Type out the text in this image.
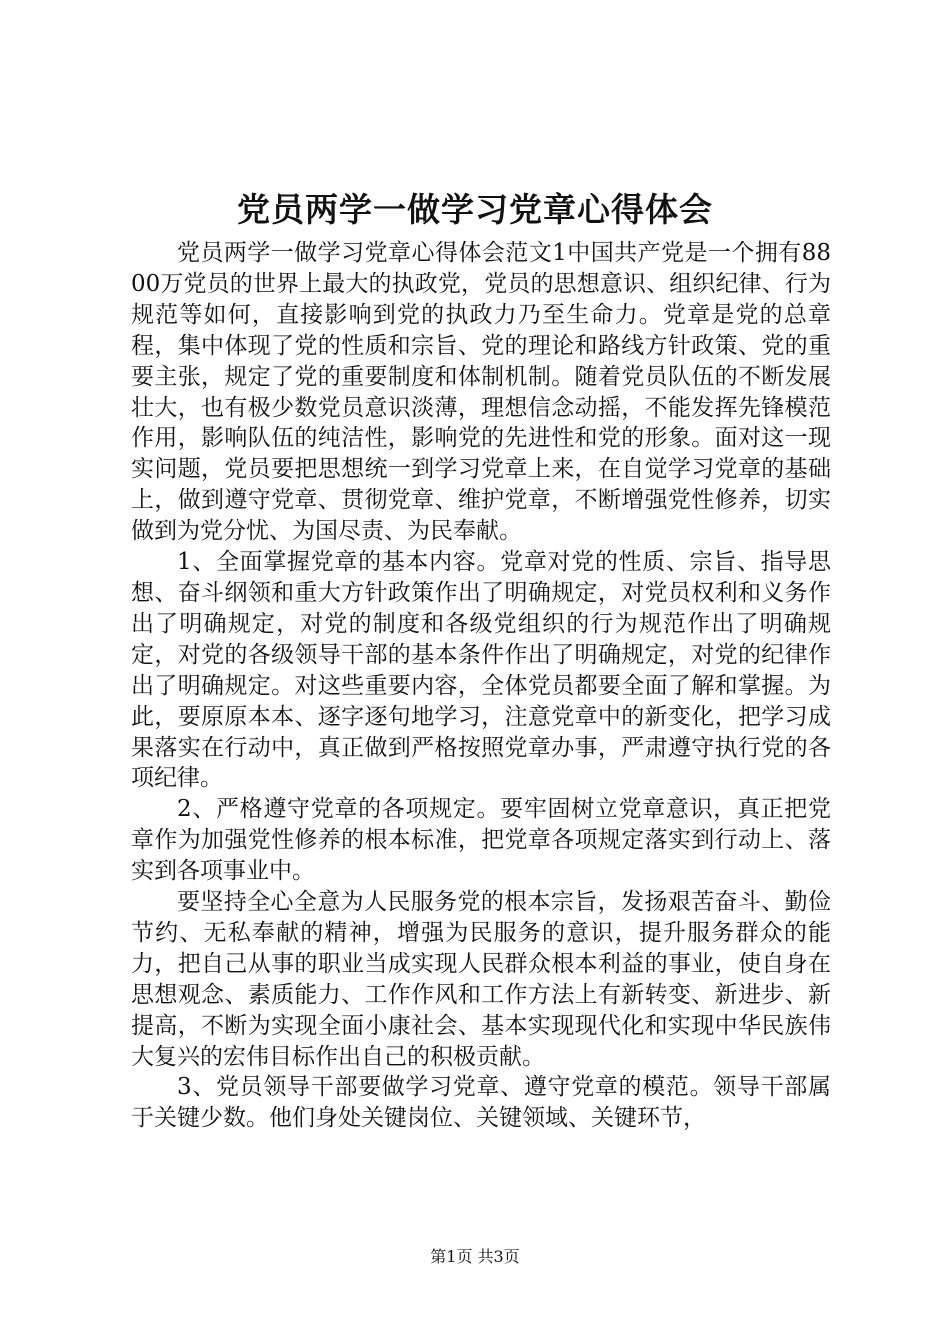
党员两学一做学习党章心得体会

党员两学一做学习党章心得体会范文1中国共产党是一个拥有8800万党员的世界上最大的执政党，党员的思想意识、组织纪律、行为规范等如何，直接影响到党的执政力乃至生命力。党章是党的总章程，集中体现了党的性质和宗旨、党的理论和路线方针政策、党的重要主张，规定了党的重要制度和体制机制。随着党员队伍的不断发展壮大，也有极少数党员意识淡薄，理想信念动摇，不能发挥先锋模范作用，影响队伍的纯洁性，影响党的先进性和党的形象。面对这一现实问题，党员要把思想统一到学习党章上来，在自觉学习党章的基础上，做到遵守党章、贯彻党章、维护党章，不断增强党性修养，切实做到为党分忧、为国尽责、为民奉献。

1、全面掌握党章的基本内容。党章对党的性质、宗旨、指导思想、奋斗纲领和重大方针政策作出了明确规定，对党员权利和义务作出了明确规定，对党的制度和各级党组织的行为规范作出了明确规定，对党的各级领导干部的基本条件作出了明确规定，对党的纪律作出了明确规定。对这些重要内容，全体党员都要全面了解和掌握。为此，要原原本本、逐字逐句地学习，注意党章中的新变化，把学习成果落实在行动中，真正做到严格按照党章办事，严肃遵守执行党的各项纪律。

2、严格遵守党章的各项规定。要牢固树立党章意识，真正把党章作为加强党性修养的根本标准，把党章各项规定落实到行动上、落实到各项事业中。

要坚持全心全意为人民服务党的根本宗旨，发扬艰苦奋斗、勤俭节约、无私奉献的精神，增强为民服务的意识，提升服务群众的能力，把自己从事的职业当成实现人民群众根本利益的事业，使自身在思想观念、素质能力、工作作风和工作方法上有新转变、新进步、新提高，不断为实现全面小康社会、基本实现现代化和实现中华民族伟大复兴的宏伟目标作出自己的积极贡献。

3、党员领导干部要做学习党章、遵守党章的模范。领导干部属于关键少数。他们身处关键岗位、关键领域、关键环节，

第1页 共3页
